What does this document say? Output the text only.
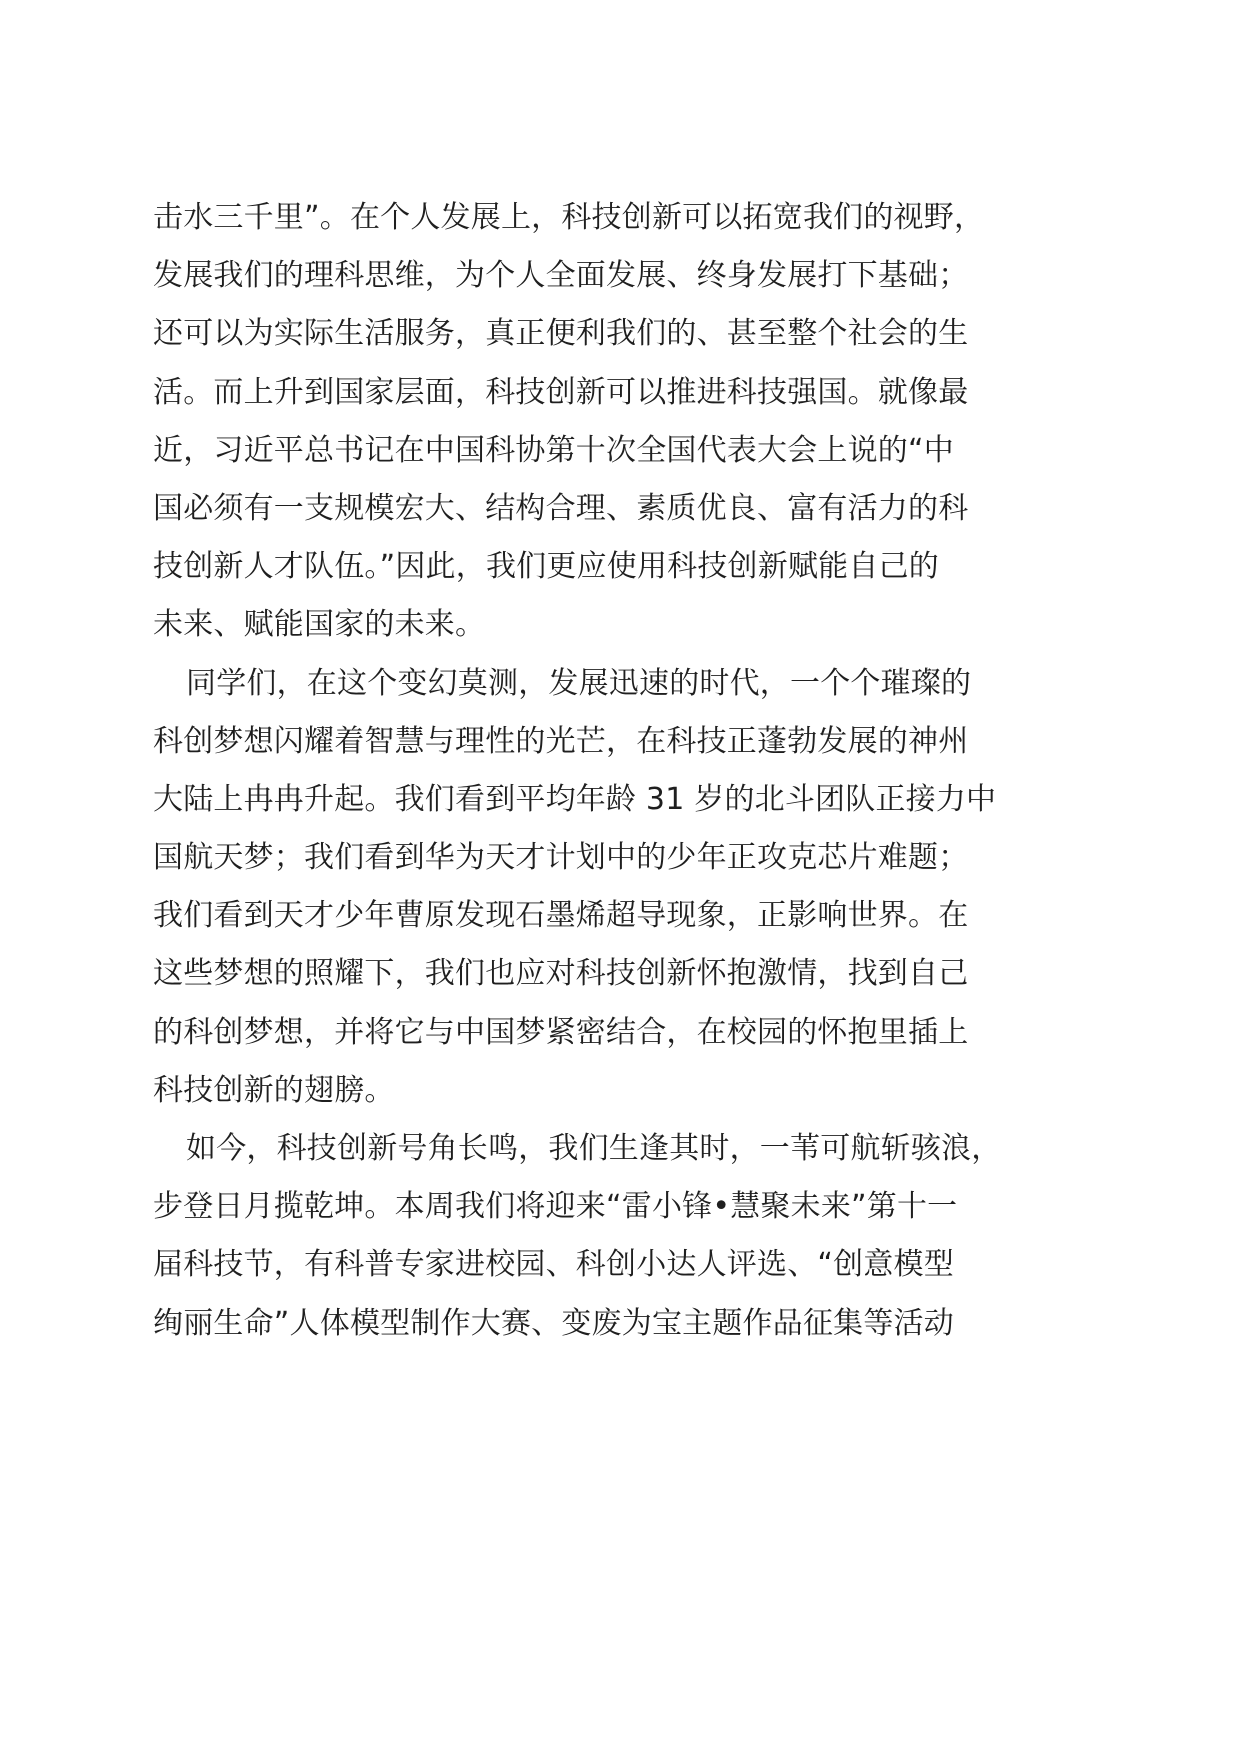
击水三千里”。在个人发展上，科技创新可以拓宽我们的视野，
发展我们的理科思维，为个人全面发展、终身发展打下基础；
还可以为实际生活服务，真正便利我们的、甚至整个社会的生
活。而上升到国家层面，科技创新可以推进科技强国。就像最
近，习近平总书记在中国科协第十次全国代表大会上说的“中
国必须有一支规模宏大、结构合理、素质优良、富有活力的科
技创新人才队伍。”因此，我们更应使用科技创新赋能自己的
未来、赋能国家的未来。
同学们，在这个变幻莫测，发展迅速的时代，一个个璀璨的
科创梦想闪耀着智慧与理性的光芒，在科技正蓬勃发展的神州
大陆上冉冉升起。我们看到平均年龄 31 岁的北斗团队正接力中
国航天梦；我们看到华为天才计划中的少年正攻克芯片难题；
我们看到天才少年曹原发现石墨烯超导现象，正影响世界。在
这些梦想的照耀下，我们也应对科技创新怀抱激情，找到自己
的科创梦想，并将它与中国梦紧密结合，在校园的怀抱里插上
科技创新的翅膀。
如今，科技创新号角长鸣，我们生逢其时，一苇可航斩骇浪，
步登日月揽乾坤。本周我们将迎来“雷小锋•慧聚未来”第十一
届科技节，有科普专家进校园、科创小达人评选、“创意模型
绚丽生命”人体模型制作大赛、变废为宝主题作品征集等活动
